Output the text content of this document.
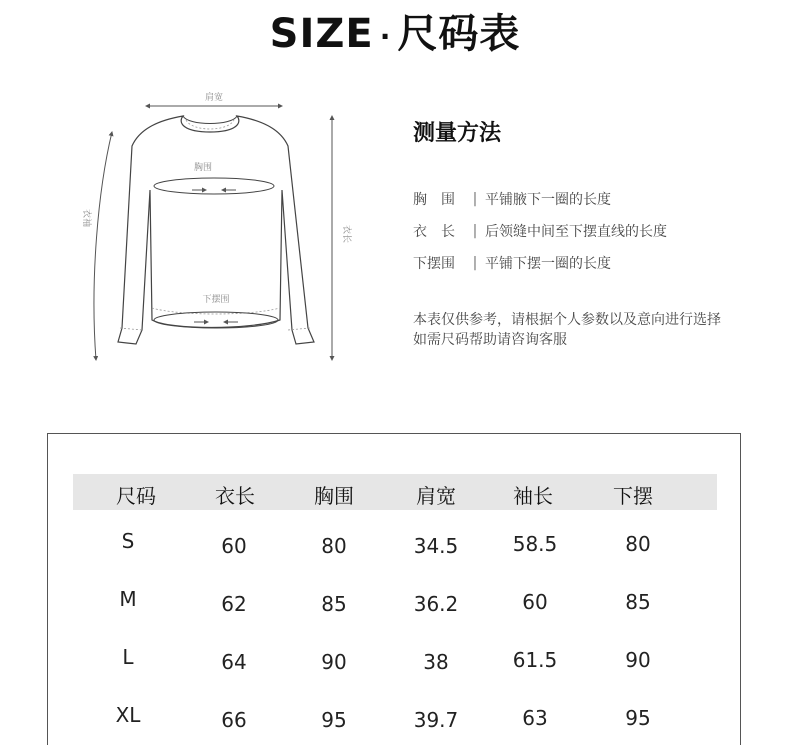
SIZE · 尺码表
肩宽
胸围
下摆围
衣袖
衣长
测量方法
胸　围	| 平铺腋下一圈的长度
衣　长	| 后领缝中间至下摆直线的长度
下摆围	| 平铺下摆一圈的长度
本表仅供参考，请根据个人参数以及意向进行选择
如需尺码帮助请咨询客服
尺码	衣长	胸围	肩宽	袖长	下摆
S	60	80	34.5	58.5	80
M	62	85	36.2	60	85
L	64	90	38	61.5	90
XL	66	95	39.7	63	95
